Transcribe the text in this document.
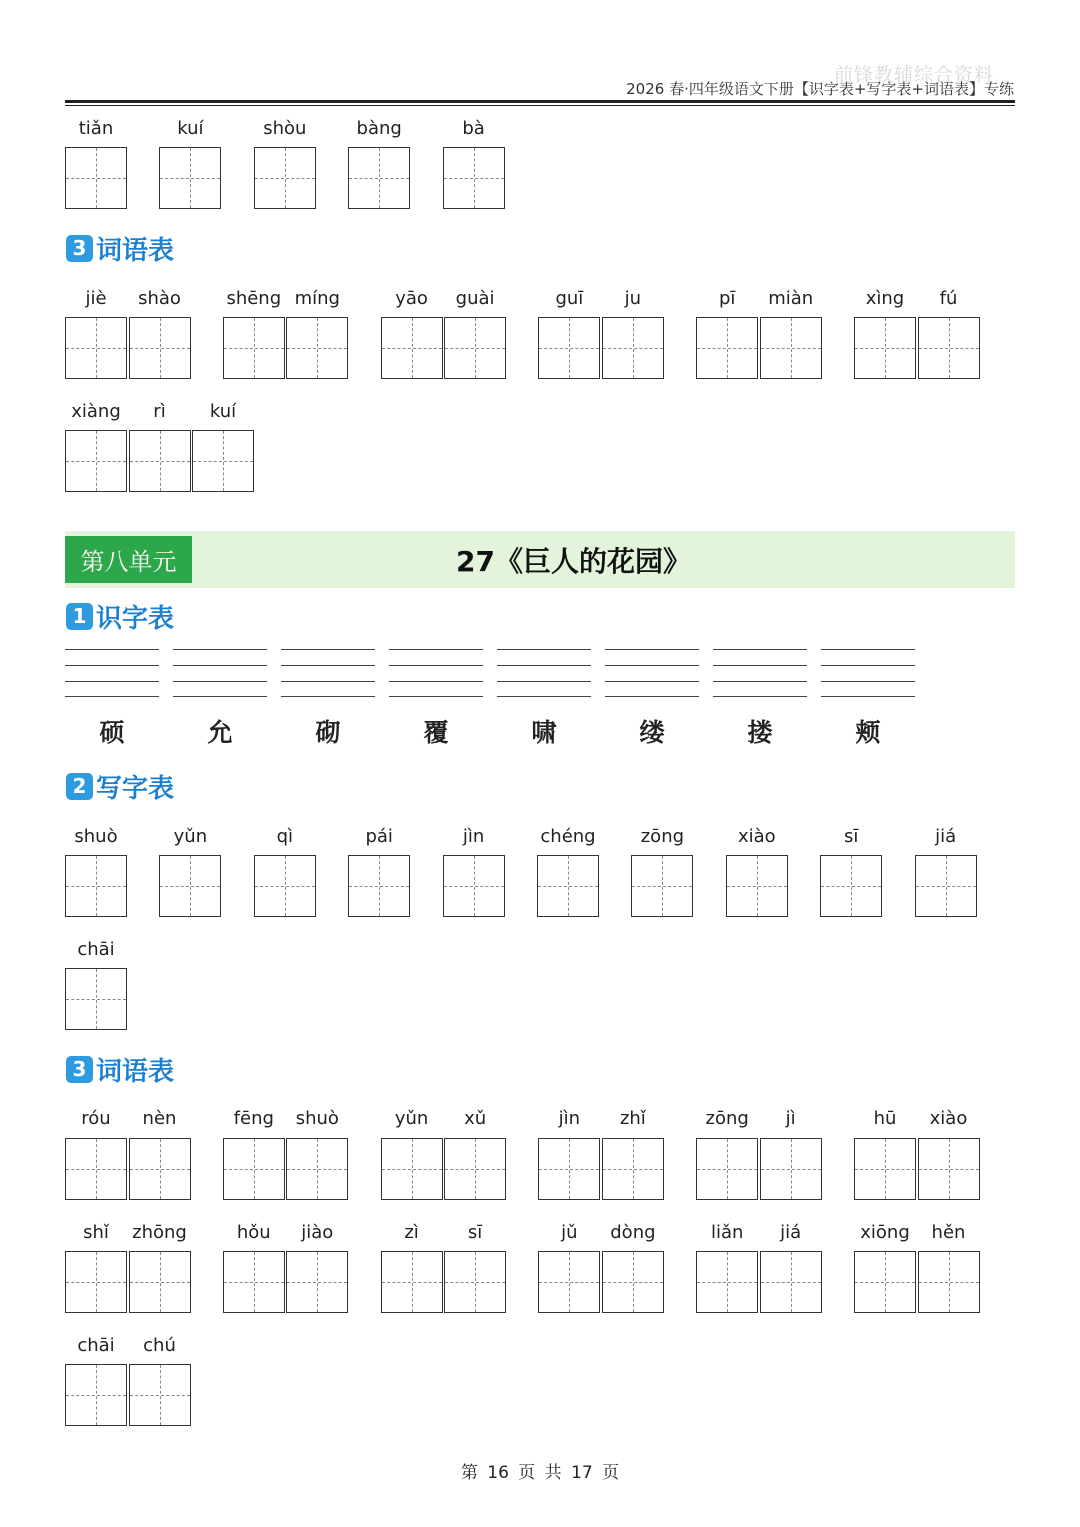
前锋教辅综合资料
2026 春·四年级语文下册【识字表+写字表+词语表】专练
tiǎn	kuí	shòu	bàng	bà
3 词语表
jiè	shào	shēng míng	yāo	guài	guī	ju	pī	miàn	xìng	fú
xiàng	rì	kuí
第八单元	27《巨人的花园》
1 识字表
硕	允	砌	覆	啸	缕	搂	颊
2 写字表
shuò	yǔn	qì	pái	jìn	chéng	zōng	xiào	sī	jiá
chāi
3 词语表
róu	nèn	fēng	shuò	yǔn	xǔ	jìn	zhǐ	zōng	jì	hū	xiào
shǐ	zhōng	hǒu	jiào	zì	sī	jǔ	dòng	liǎn	jiá	xiōng	hěn
chāi	chú
第 16 页 共 17 页
